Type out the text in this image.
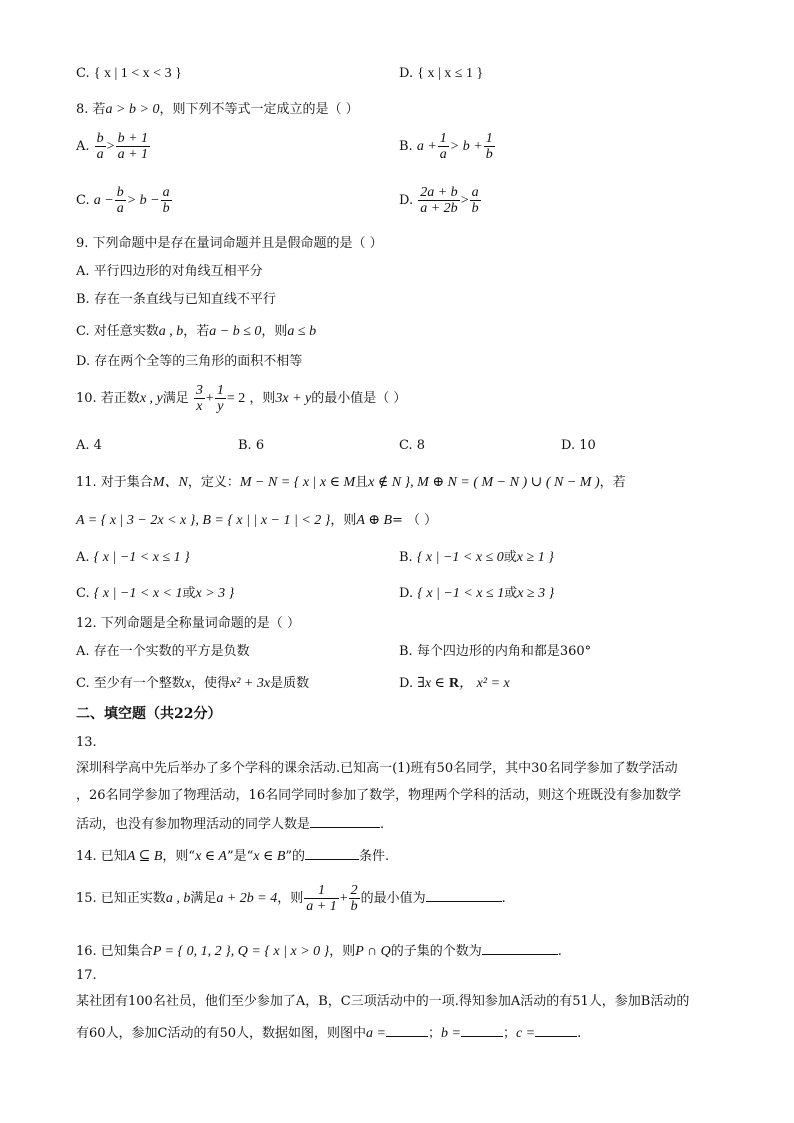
C. { x | 1 < x < 3 }	D. { x | x ≤ 1 }
8. 若a > b > 0，则下列不等式一定成立的是（ ）
A. $\frac{b}{a} > \frac{b + 1}{a + 1}$	B. $a + \frac{1}{a} > b + \frac{1}{b}$
C. $a - \frac{b}{a} > b - \frac{a}{b}$	D. $\frac{2a + b}{a + 2b} > \frac{a}{b}$
9. 下列命题中是存在量词命题并且是假命题的是（ ）
A. 平行四边形的对角线互相平分
B. 存在一条直线与已知直线不平行
C. 对任意实数a , b，若a − b ≤ 0，则a ≤ b
D. 存在两个全等的三角形的面积不相等
10. 若正数x , y满足 $\frac{3}{x} + \frac{1}{y} = 2$ ，则3x + y的最小值是（ ）
A. 4	B. 6	C. 8	D. 10
11. 对于集合M、N，定义：M − N = { x | x ∈ M且x ∉ N }, M ⊕ N = ( M − N ) ∪ ( N − M )，若
A = { x | 3 − 2x < x }, B = { x | | x − 1 | < 2 }，则A ⊕ B= （ ）
A. { x | −1 < x ≤ 1 }	B. { x | −1 < x ≤ 0或x ≥ 1 }
C. { x | −1 < x < 1或x > 3 }	D. { x | −1 < x ≤ 1或x ≥ 3 }
12. 下列命题是全称量词命题的是（ ）
A. 存在一个实数的平方是负数	B. 每个四边形的内角和都是360°
C. 至少有一个整数x，使得x² + 3x是质数	D. ∃x ∈ R， x² = x
二、填空题（共22分）
13.
深圳科学高中先后举办了多个学科的课余活动.已知高一(1)班有50名同学，其中30名同学参加了数学活动
，26名同学参加了物理活动，16名同学同时参加了数学，物理两个学科的活动，则这个班既没有参加数学
活动，也没有参加物理活动的同学人数是	.
14. 已知A ⊆ B，则“x ∈ A”是“x ∈ B”的	条件.
15. 已知正实数a , b满足a + 2b = 4，则 $\frac{1}{a + 1} + \frac{2}{b}$ 的最小值为	.
16. 已知集合P = { 0, 1, 2 }, Q = { x | x > 0 }，则P ∩ Q的子集的个数为	.
17.
某社团有100名社员，他们至少参加了A，B，C三项活动中的一项.得知参加A活动的有51人，参加B活动的
有60人，参加C活动的有50人，数据如图，则图中a =	；b =	；c =	.
